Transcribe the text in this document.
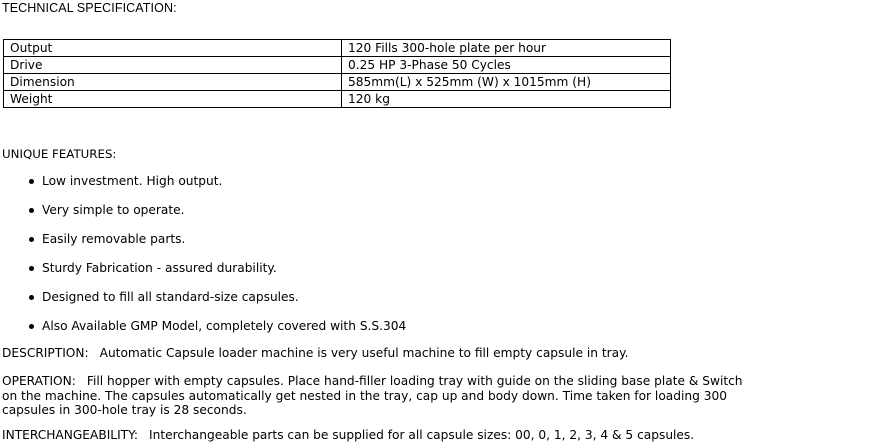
TECHNICAL SPECIFICATION:
Output	120 Fills 300-hole plate per hour
Drive	0.25 HP 3-Phase 50 Cycles
Dimension	585mm(L) x 525mm (W) x 1015mm (H)
Weight	120 kg
UNIQUE FEATURES:
Low investment. High output.
Very simple to operate.
Easily removable parts.
Sturdy Fabrication - assured durability.
Designed to fill all standard-size capsules.
Also Available GMP Model, completely covered with S.S.304
DESCRIPTION: Automatic Capsule loader machine is very useful machine to fill empty capsule in tray.
OPERATION: Fill hopper with empty capsules. Place hand-filler loading tray with guide on the sliding base plate & Switch
on the machine. The capsules automatically get nested in the tray, cap up and body down. Time taken for loading 300
capsules in 300-hole tray is 28 seconds.
INTERCHANGEABILITY: Interchangeable parts can be supplied for all capsule sizes: 00, 0, 1, 2, 3, 4 & 5 capsules.
